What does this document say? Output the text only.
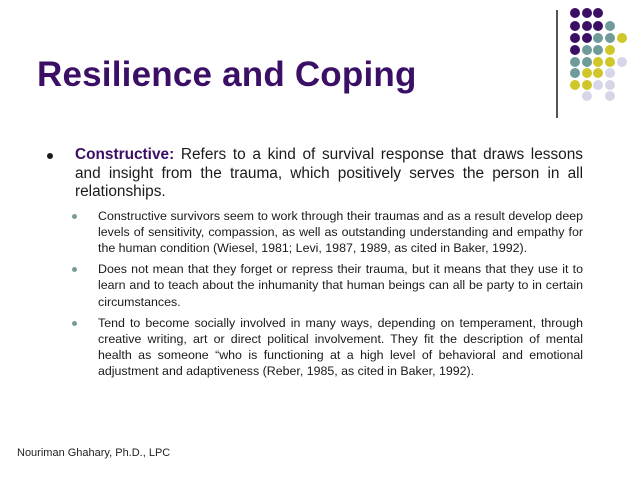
Resilience and Coping
Constructive: Refers to a kind of survival response that draws lessons and insight from the trauma, which positively serves the person in all relationships.
Constructive survivors seem to work through their traumas and as a result develop deep levels of sensitivity, compassion, as well as outstanding understanding and empathy for the human condition (Wiesel, 1981; Levi, 1987, 1989, as cited in Baker, 1992).
Does not mean that they forget or repress their trauma, but it means that they use it to learn and to teach about the inhumanity that human beings can all be party to in certain circumstances.
Tend to become socially involved in many ways, depending on temperament, through creative writing, art or direct political involvement. They fit the description of mental health as someone “who is functioning at a high level of behavioral and emotional adjustment and adaptiveness (Reber, 1985, as cited in Baker, 1992).
Nouriman Ghahary, Ph.D., LPC
